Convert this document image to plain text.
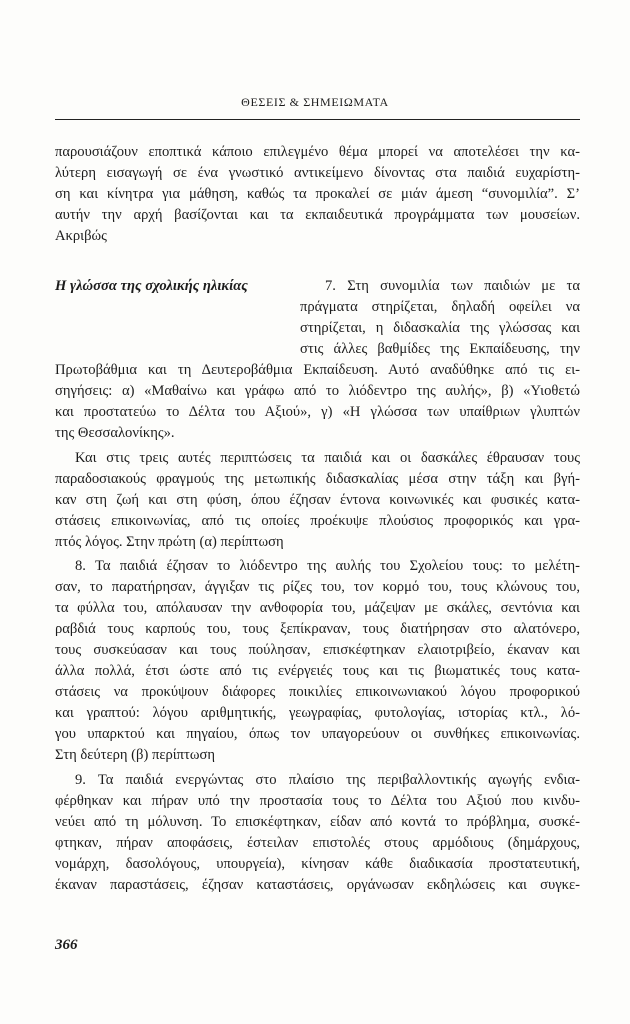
ΘΕΣΕΙΣ & ΣΗΜΕΙΩΜΑΤΑ
Η γλώσσα της σχολικής ηλικίας
παρουσιάζουν εποπτικά κάποιο επιλεγμένο θέμα μπορεί να αποτελέσει την κα-
λύτερη εισαγωγή σε ένα γνωστικό αντικείμενο δίνοντας στα παιδιά ευχαρίστη-
ση και κίνητρα για μάθηση, καθώς τα προκαλεί σε μιάν άμεση “συνομιλία”. Σ’
αυτήν την αρχή βασίζονται και τα εκπαιδευτικά προγράμματα των μουσείων.
Ακριβώς
7. Στη συνομιλία των παιδιών με τα
πράγματα στηρίζεται, δηλαδή οφείλει να
στηρίζεται, η διδασκαλία της γλώσσας και
στις άλλες βαθμίδες της Εκπαίδευσης, την
Πρωτοβάθμια και τη Δευτεροβάθμια Εκπαίδευση. Αυτό αναδύθηκε από τις ει-
σηγήσεις: α) «Μαθαίνω και γράφω από το λιόδεντρο της αυλής», β) «Υιοθετώ
και προστατεύω το Δέλτα του Αξιού», γ) «Η γλώσσα των υπαίθριων γλυπτών
της Θεσσαλονίκης».
Και στις τρεις αυτές περιπτώσεις τα παιδιά και οι δασκάλες έθραυσαν τους
παραδοσιακούς φραγμούς της μετωπικής διδασκαλίας μέσα στην τάξη και βγή-
καν στη ζωή και στη φύση, όπου έζησαν έντονα κοινωνικές και φυσικές κατα-
στάσεις επικοινωνίας, από τις οποίες προέκυψε πλούσιος προφορικός και γρα-
πτός λόγος. Στην πρώτη (α) περίπτωση
8. Τα παιδιά έζησαν το λιόδεντρο της αυλής του Σχολείου τους: το μελέτη-
σαν, το παρατήρησαν, άγγιξαν τις ρίζες του, τον κορμό του, τους κλώνους του,
τα φύλλα του, απόλαυσαν την ανθοφορία του, μάζεψαν με σκάλες, σεντόνια και
ραβδιά τους καρπούς του, τους ξεπίκραναν, τους διατήρησαν στο αλατόνερο,
τους συσκεύασαν και τους πούλησαν, επισκέφτηκαν ελαιοτριβείο, έκαναν και
άλλα πολλά, έτσι ώστε από τις ενέργειές τους και τις βιωματικές τους κατα-
στάσεις να προκύψουν διάφορες ποικιλίες επικοινωνιακού λόγου προφορικού
και γραπτού: λόγου αριθμητικής, γεωγραφίας, φυτολογίας, ιστορίας κτλ., λό-
γου υπαρκτού και πηγαίου, όπως τον υπαγορεύουν οι συνθήκες επικοινωνίας.
Στη δεύτερη (β) περίπτωση
9. Τα παιδιά ενεργώντας στο πλαίσιο της περιβαλλοντικής αγωγής ενδια-
φέρθηκαν και πήραν υπό την προστασία τους το Δέλτα του Αξιού που κινδυ-
νεύει από τη μόλυνση. Το επισκέφτηκαν, είδαν από κοντά το πρόβλημα, συσκέ-
φτηκαν, πήραν αποφάσεις, έστειλαν επιστολές στους αρμόδιους (δημάρχους,
νομάρχη, δασολόγους, υπουργεία), κίνησαν κάθε διαδικασία προστατευτική,
έκαναν παραστάσεις, έζησαν καταστάσεις, οργάνωσαν εκδηλώσεις και συγκε-
366
